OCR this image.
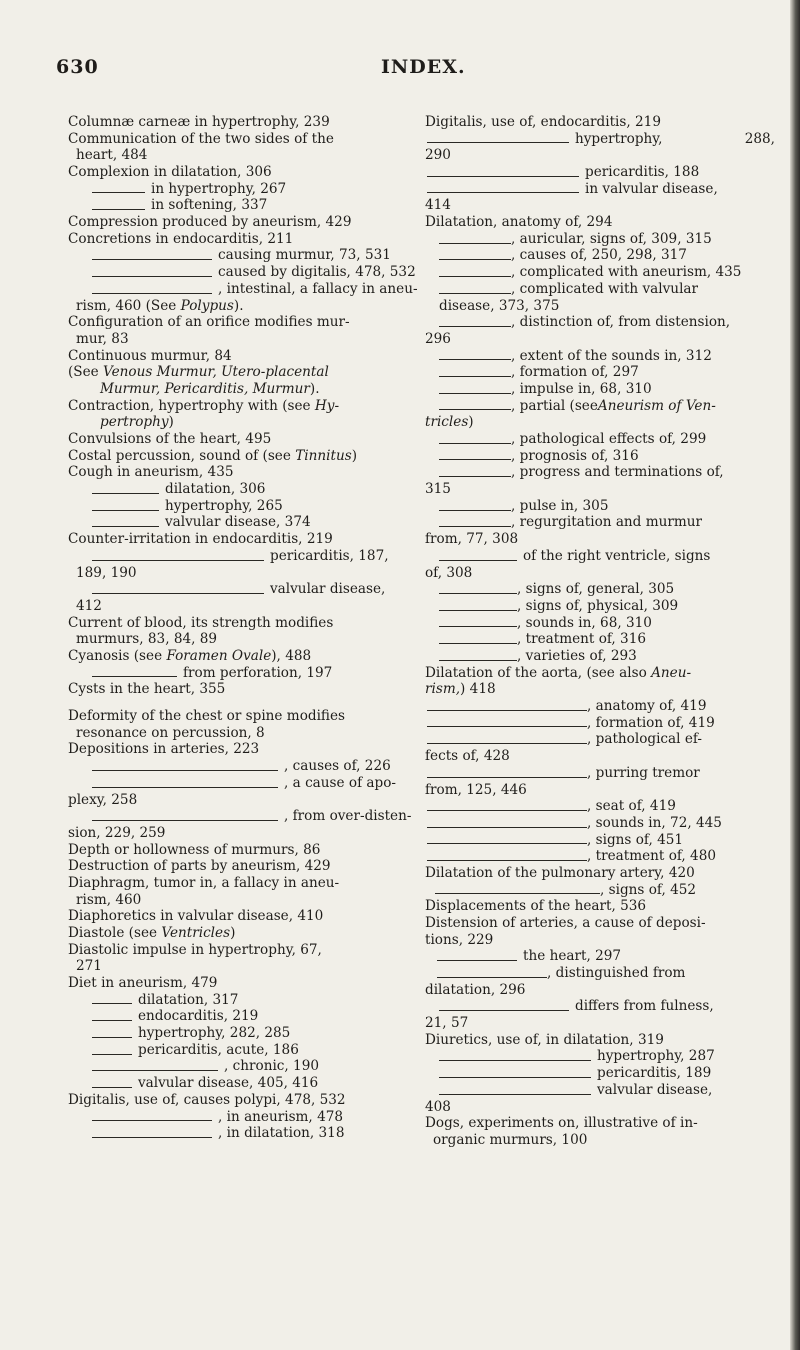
630	INDEX.
Columnæ carneæ in hypertrophy, 239
Communication of the two sides of the
heart, 484
Complexion in dilatation, 306
in hypertrophy, 267
in softening, 337
Compression produced by aneurism, 429
Concretions in endocarditis, 211
causing murmur, 73, 531
caused by digitalis, 478, 532
, intestinal, a fallacy in aneu-
rism, 460 (See Polypus).
Configuration of an orifice modifies mur-
mur, 83
Continuous murmur, 84
(See Venous Murmur, Utero-placental
Murmur, Pericarditis, Murmur).
Contraction, hypertrophy with (see Hy-
pertrophy)
Convulsions of the heart, 495
Costal percussion, sound of (see Tinnitus)
Cough in aneurism, 435
dilatation, 306
hypertrophy, 265
valvular disease, 374
Counter-irritation in endocarditis, 219
pericarditis, 187,
189, 190
valvular disease,
412
Current of blood, its strength modifies
murmurs, 83, 84, 89
Cyanosis (see Foramen Ovale), 488
from perforation, 197
Cysts in the heart, 355
Deformity of the chest or spine modifies
resonance on percussion, 8
Depositions in arteries, 223
, causes of, 226
, a cause of apo-
plexy, 258
, from over-disten-
sion, 229, 259
Depth or hollowness of murmurs, 86
Destruction of parts by aneurism, 429
Diaphragm, tumor in, a fallacy in aneu-
rism, 460
Diaphoretics in valvular disease, 410
Diastole (see Ventricles)
Diastolic impulse in hypertrophy, 67,
271
Diet in aneurism, 479
dilatation, 317
endocarditis, 219
hypertrophy, 282, 285
pericarditis, acute, 186
, chronic, 190
valvular disease, 405, 416
Digitalis, use of, causes polypi, 478, 532
, in aneurism, 478
, in dilatation, 318
Digitalis, use of, endocarditis, 219
hypertrophy,	288,
290
pericarditis, 188
in valvular disease,
414
Dilatation, anatomy of, 294
, auricular, signs of, 309, 315
, causes of, 250, 298, 317
, complicated with aneurism, 435
, complicated with valvular
disease, 373, 375
, distinction of, from distension,
296
, extent of the sounds in, 312
, formation of, 297
, impulse in, 68, 310
, partial (see Aneurism of Ven-
tricles)
, pathological effects of, 299
, prognosis of, 316
, progress and terminations of,
315
, pulse in, 305
, regurgitation and murmur
from, 77, 308
of the right ventricle, signs
of, 308
, signs of, general, 305
, signs of, physical, 309
, sounds in, 68, 310
, treatment of, 316
, varieties of, 293
Dilatation of the aorta, (see also Aneu-
rism,) 418
, anatomy of, 419
, formation of, 419
, pathological ef-
fects of, 428
, purring tremor
from, 125, 446
, seat of, 419
, sounds in, 72, 445
, signs of, 451
, treatment of, 480
Dilatation of the pulmonary artery, 420
, signs of, 452
Displacements of the heart, 536
Distension of arteries, a cause of deposi-
tions, 229
the heart, 297
, distinguished from
dilatation, 296
differs from fulness,
21, 57
Diuretics, use of, in dilatation, 319
hypertrophy, 287
pericarditis, 189
valvular disease,
408
Dogs, experiments on, illustrative of in-
organic murmurs, 100
